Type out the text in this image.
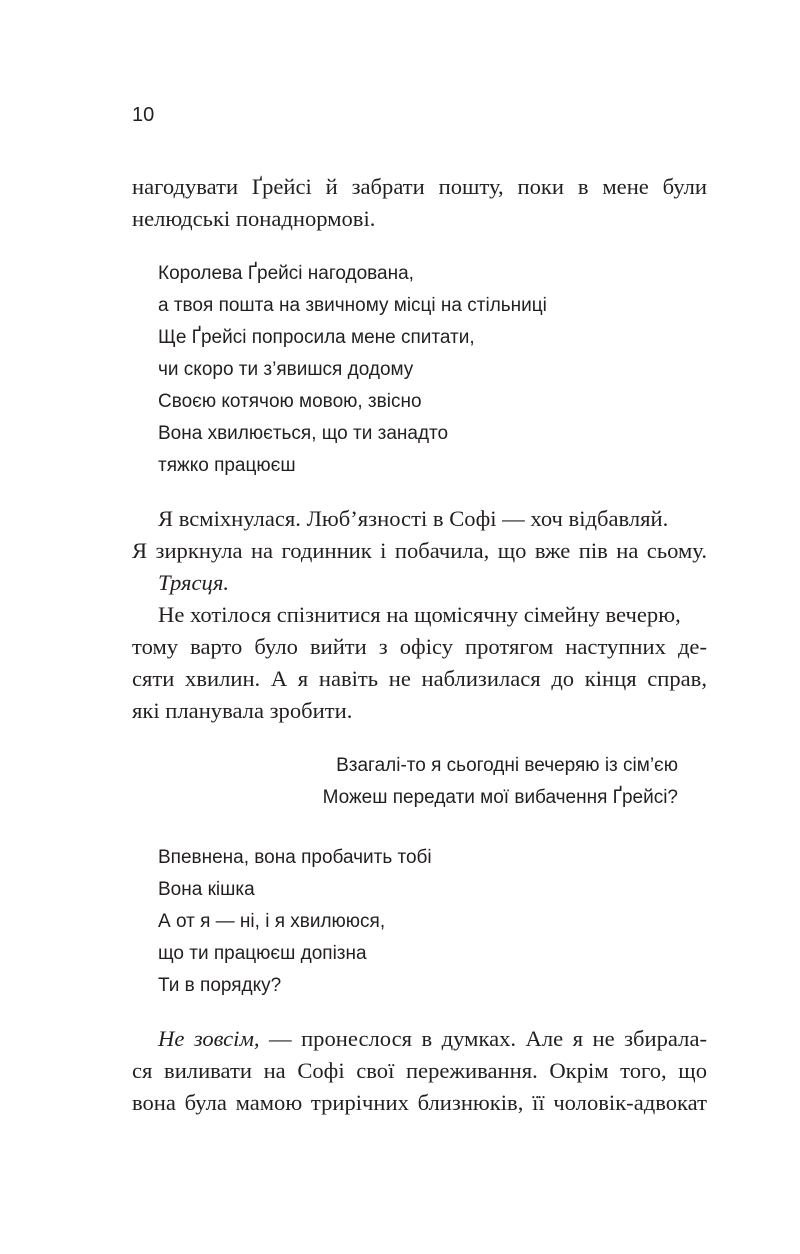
10
нагодувати Ґрейсі й забрати пошту, поки в мене були
нелюдські понаднормові.
Королева Ґрейсі нагодована,
а твоя пошта на звичному місці на стільниці
Ще Ґрейсі попросила мене спитати,
чи скоро ти з’явишся додому
Своєю котячою мовою, звісно
Вона хвилюється, що ти занадто
тяжко працюєш
Я всміхнулася. Люб’язності в Софі — хоч відбавляй.
Я зиркнула на годинник і побачила, що вже пів на сьому.
Трясця.
Не хотілося спізнитися на щомісячну сімейну вечерю,
тому варто було вийти з офісу протягом наступних де-
сяти хвилин. А я навіть не наблизилася до кінця справ,
які планувала зробити.
Взагалі-то я сьогодні вечеряю із сім’єю
Можеш передати мої вибачення Ґрейсі?
Впевнена, вона пробачить тобі
Вона кішка
А от я — ні, і я хвилююся,
що ти працюєш допізна
Ти в порядку?
Не зовсім, — пронеслося в думках. Але я не збирала-
ся виливати на Софі свої переживання. Окрім того, що
вона була мамою трирічних близнюків, її чоловік-адвокат
